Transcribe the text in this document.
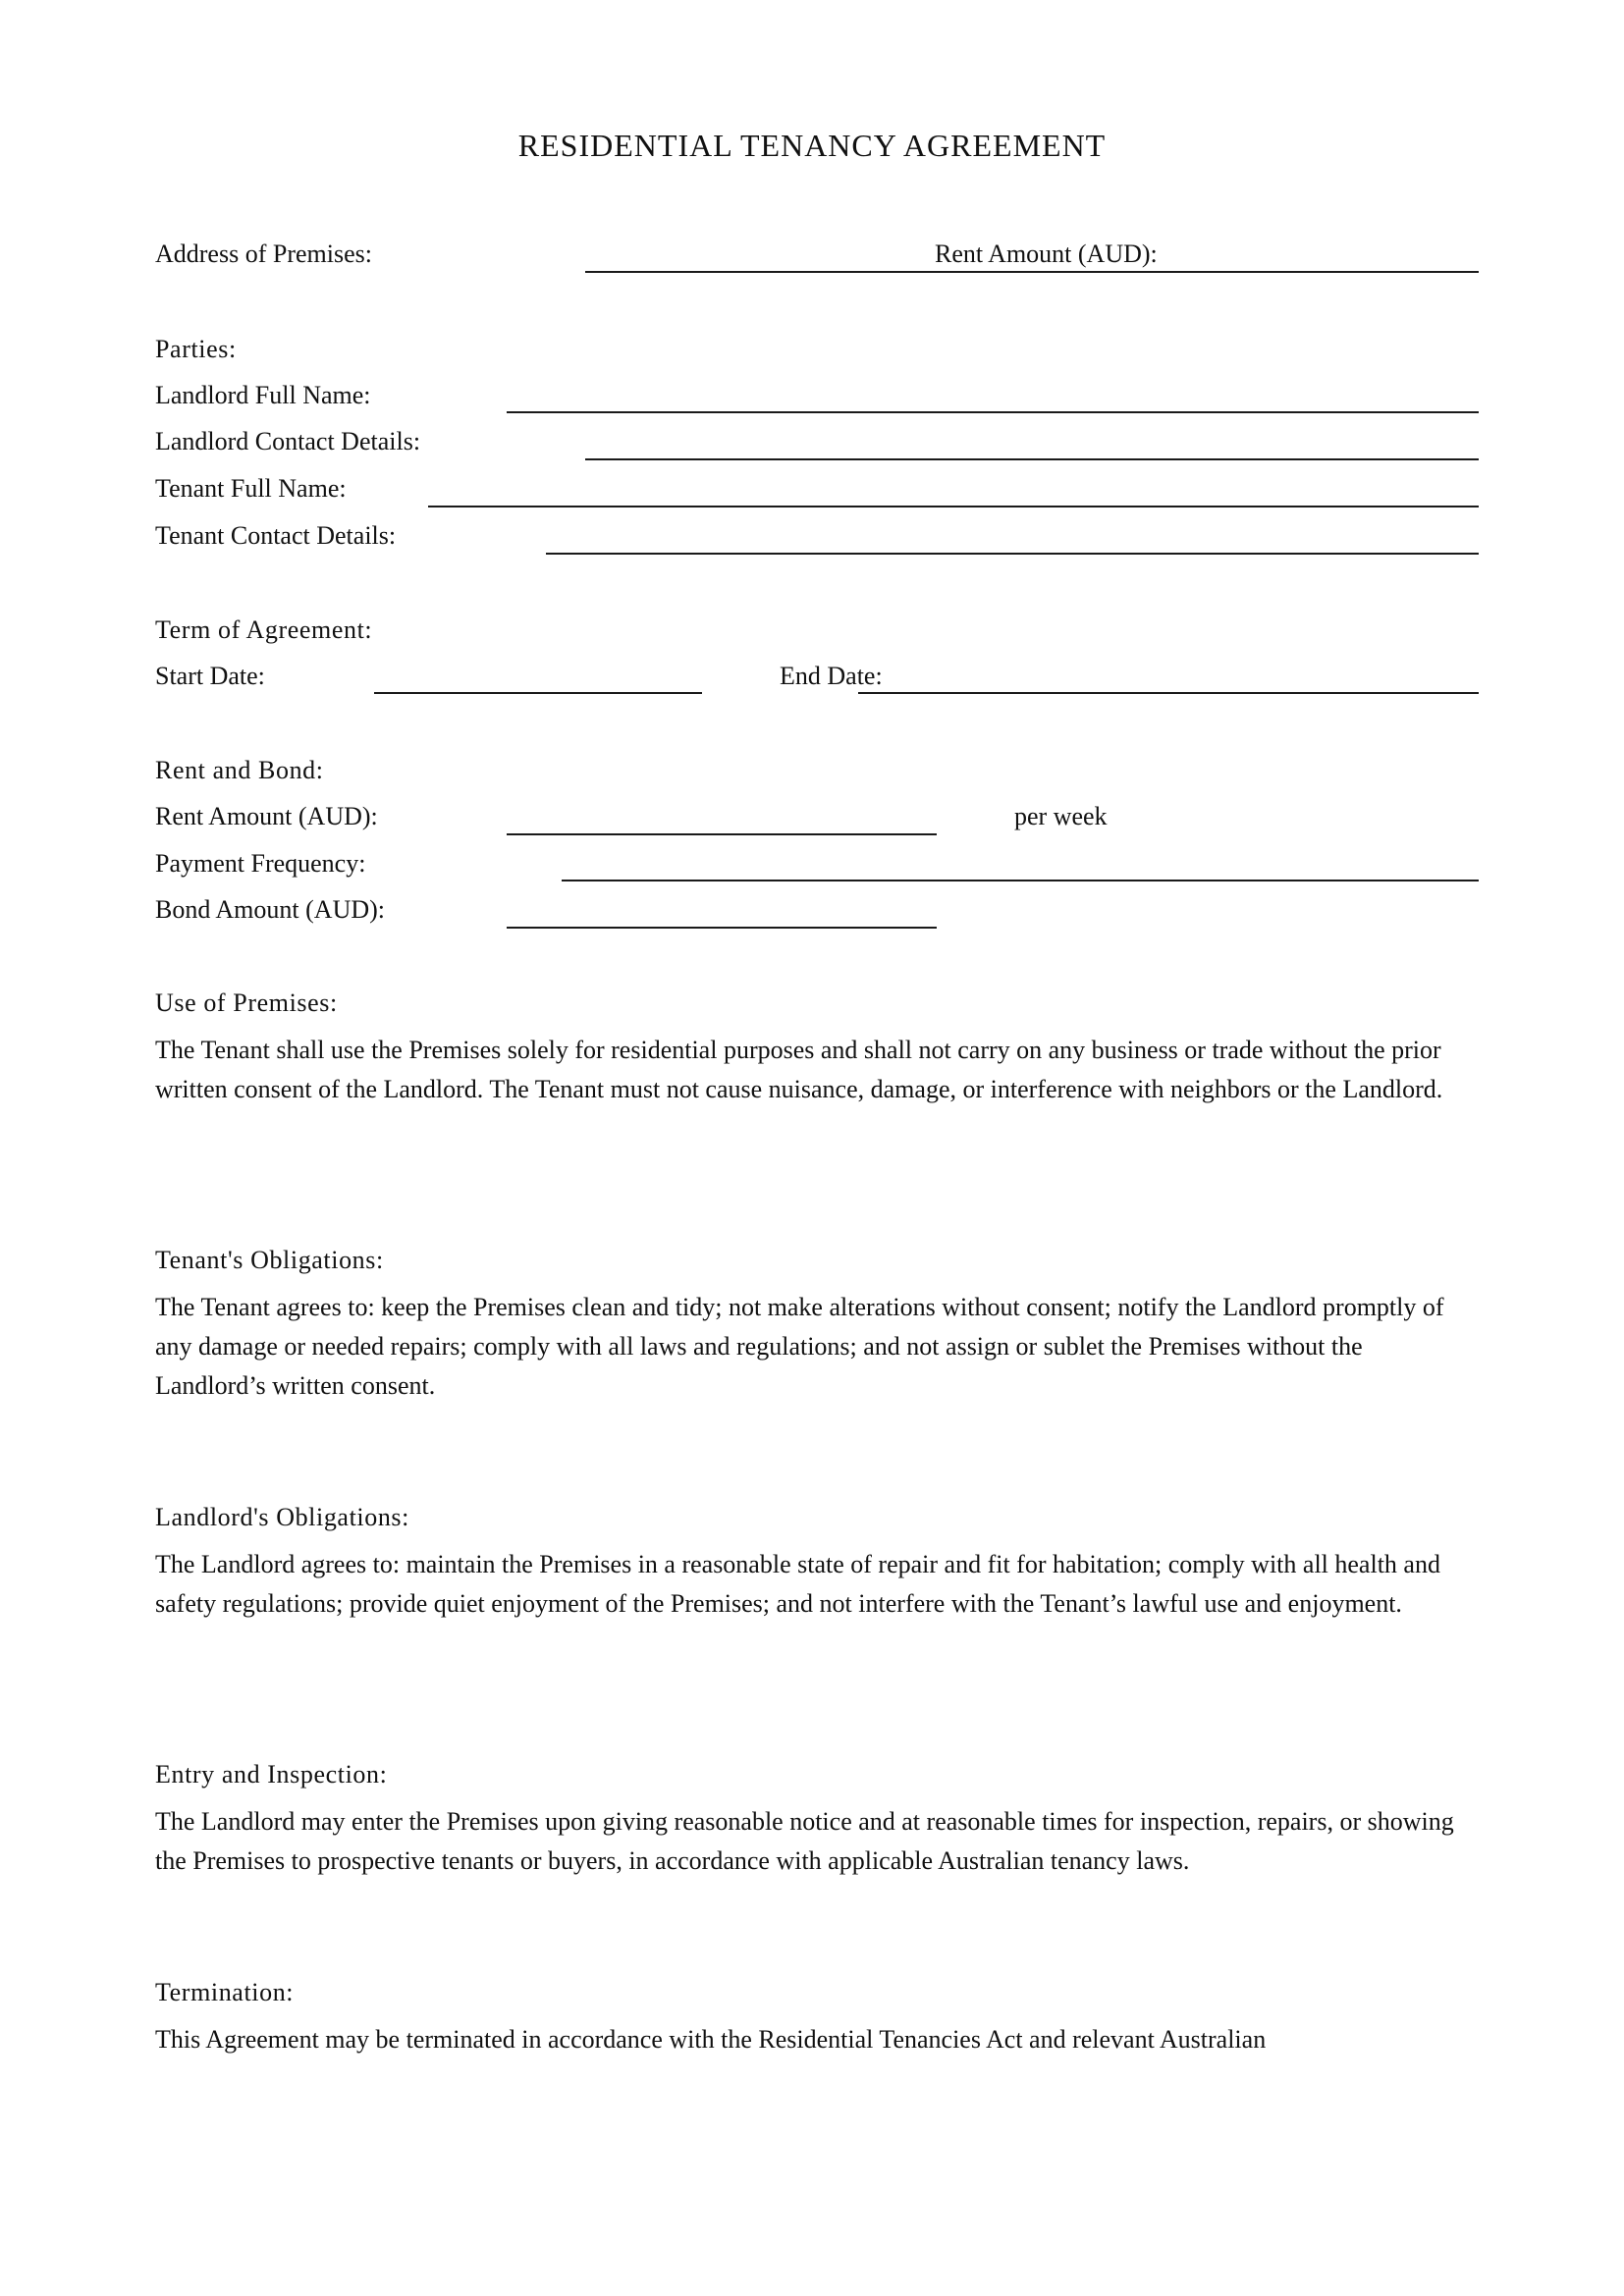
RESIDENTIAL TENANCY AGREEMENT
Address of Premises:	Rent Amount (AUD):
Parties:
Landlord Full Name:
Landlord Contact Details:
Tenant Full Name:
Tenant Contact Details:
Term of Agreement:
Start Date:	End Date:
Rent and Bond:
Rent Amount (AUD):	per week
Payment Frequency:
Bond Amount (AUD):
Use of Premises:
The Tenant shall use the Premises solely for residential purposes and shall not carry on any business or trade without the prior written consent of the Landlord. The Tenant must not cause nuisance, damage, or interference with neighbors or the Landlord.
Tenant's Obligations:
The Tenant agrees to: keep the Premises clean and tidy; not make alterations without consent; notify the Landlord promptly of any damage or needed repairs; comply with all laws and regulations; and not assign or sublet the Premises without the Landlord’s written consent.
Landlord's Obligations:
The Landlord agrees to: maintain the Premises in a reasonable state of repair and fit for habitation; comply with all health and safety regulations; provide quiet enjoyment of the Premises; and not interfere with the Tenant’s lawful use and enjoyment.
Entry and Inspection:
The Landlord may enter the Premises upon giving reasonable notice and at reasonable times for inspection, repairs, or showing the Premises to prospective tenants or buyers, in accordance with applicable Australian tenancy laws.
Termination:
This Agreement may be terminated in accordance with the Residential Tenancies Act and relevant Australian
